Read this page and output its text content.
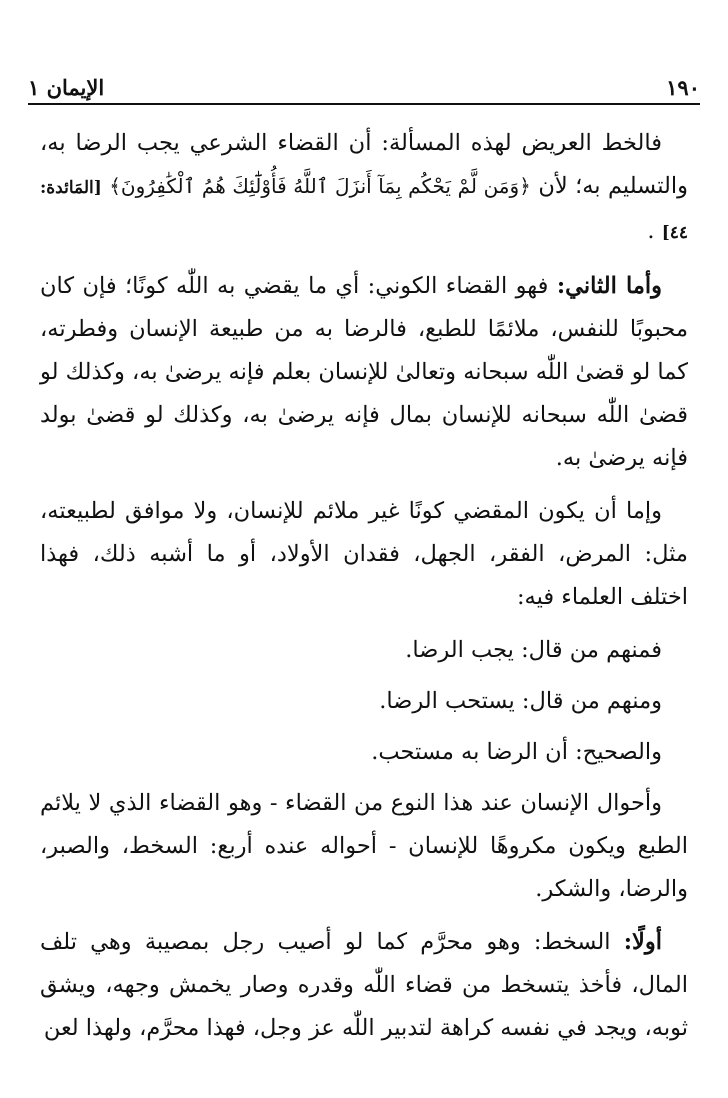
١٩٠
الإيمان ١

فالخط العريض لهذه المسألة: أن القضاء الشرعي يجب الرضا به، والتسليم به؛ لأن ﴿وَمَن لَّمْ يَحْكُم بِمَآ أَنزَلَ ٱللَّهُ فَأُوْلَٰٓئِكَ هُمُ ٱلْكَٰفِرُونَ﴾ [المَائدة: ٤٤] .

وأما الثاني: فهو القضاء الكوني: أي ما يقضي به اللّٰه كونًا؛ فإن كان محبوبًا للنفس، ملائمًا للطبع، فالرضا به من طبيعة الإنسان وفطرته، كما لو قضىٰ اللّٰه سبحانه وتعالىٰ للإنسان بعلم فإنه يرضىٰ به، وكذلك لو قضىٰ اللّٰه سبحانه للإنسان بمال فإنه يرضىٰ به، وكذلك لو قضىٰ بولد فإنه يرضىٰ به.

وإما أن يكون المقضي كونًا غير ملائم للإنسان، ولا موافق لطبيعته، مثل: المرض، الفقر، الجهل، فقدان الأولاد، أو ما أشبه ذلك، فهذا اختلف العلماء فيه:

فمنهم من قال: يجب الرضا.

ومنهم من قال: يستحب الرضا.

والصحيح: أن الرضا به مستحب.

وأحوال الإنسان عند هذا النوع من القضاء - وهو القضاء الذي لا يلائم الطبع ويكون مكروهًا للإنسان - أحواله عنده أربع: السخط، والصبر، والرضا، والشكر.

أولًا: السخط: وهو محرَّم كما لو أصيب رجل بمصيبة وهي تلف المال، فأخذ يتسخط من قضاء اللّٰه وقدره وصار يخمش وجهه، ويشق ثوبه، ويجد في نفسه كراهة لتدبير اللّٰه عز وجل، فهذا محرَّم، ولهذا لعن
